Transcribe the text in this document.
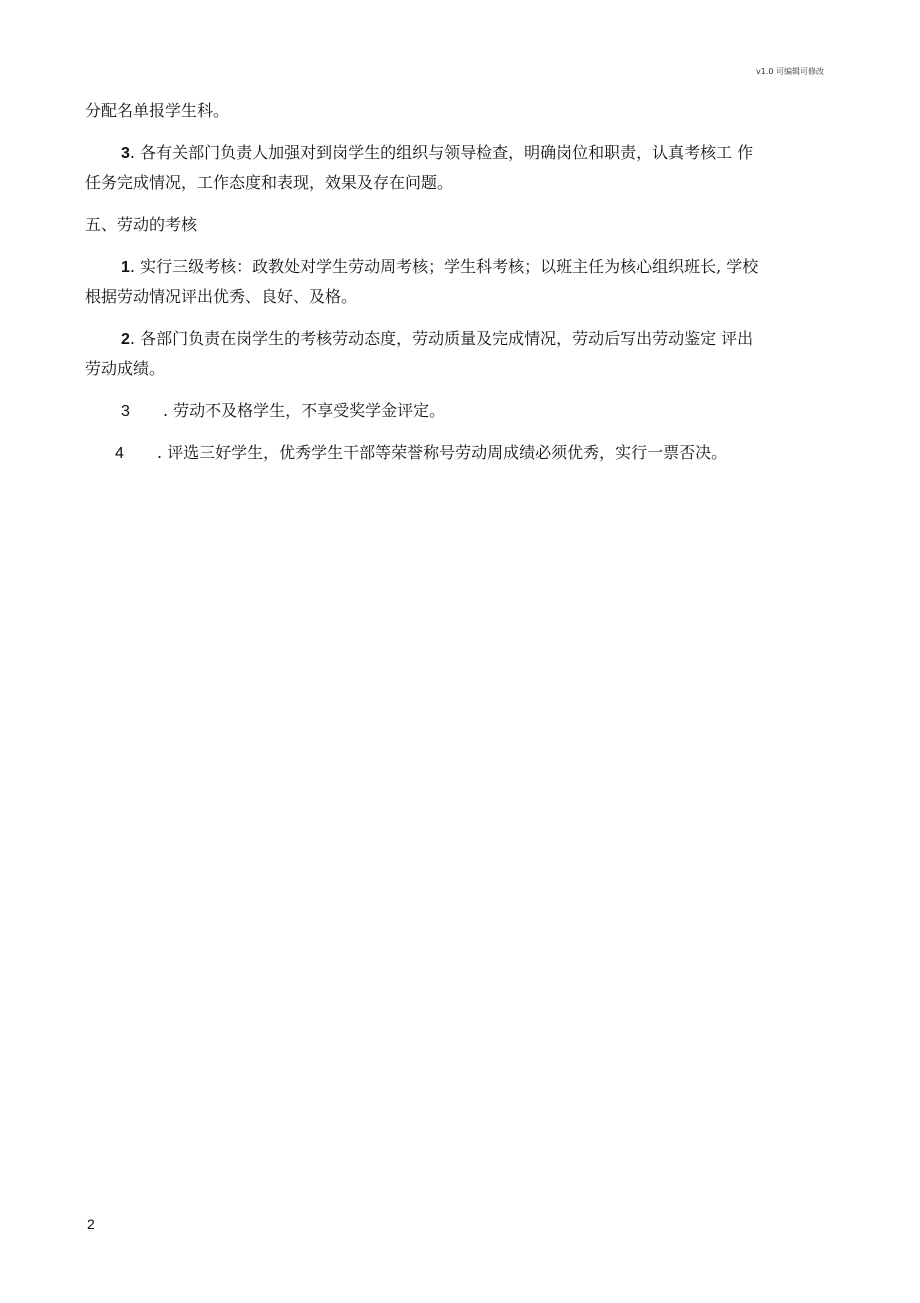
v1.0 可编辑可修改
分配名单报学生科。
3. 各有关部门负责人加强对到岗学生的组织与领导检查，明确岗位和职责，认真考核工 作
任务完成情况，工作态度和表现，效果及存在问题。
五、劳动的考核
1. 实行三级考核：政教处对学生劳动周考核；学生科考核；以班主任为核心组织班长, 学校
根据劳动情况评出优秀、良好、及格。
2. 各部门负责在岗学生的考核劳动态度，劳动质量及完成情况，劳动后写出劳动鉴定 评出
劳动成绩。
3 . 劳动不及格学生，不享受奖学金评定。
4 . 评选三好学生，优秀学生干部等荣誉称号劳动周成绩必须优秀，实行一票否决。
2
